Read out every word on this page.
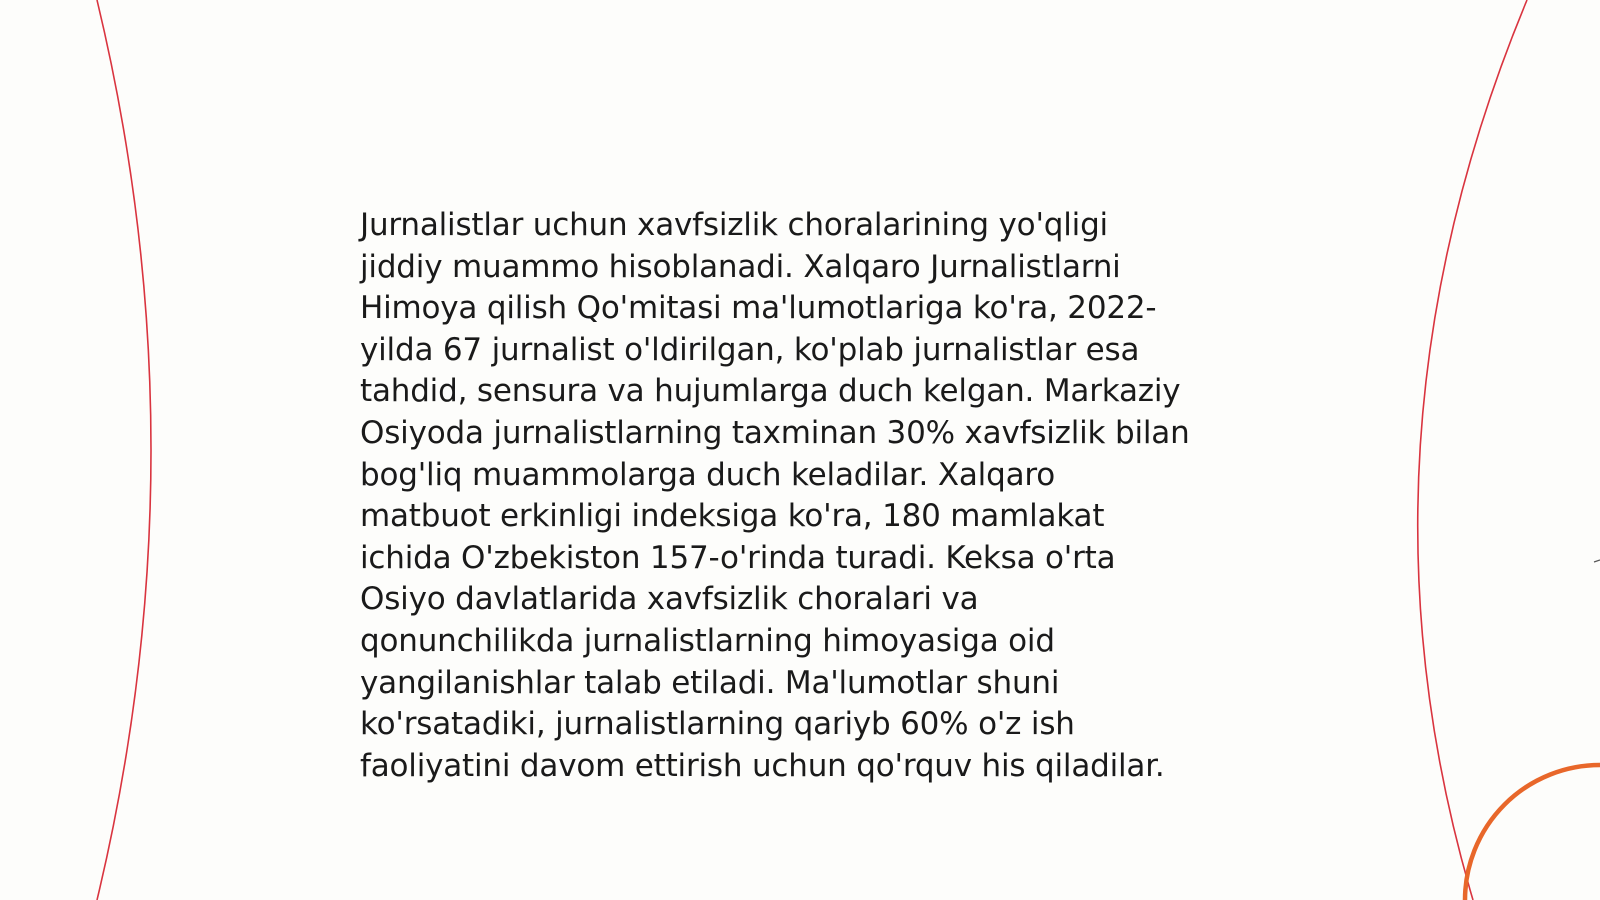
Jurnalistlar uchun xavfsizlik choralarining yo'qligi
jiddiy muammo hisoblanadi. Xalqaro Jurnalistlarni
Himoya qilish Qo'mitasi ma'lumotlariga ko'ra, 2022-
yilda 67 jurnalist o'ldirilgan, ko'plab jurnalistlar esa
tahdid, sensura va hujumlarga duch kelgan. Markaziy
Osiyoda jurnalistlarning taxminan 30% xavfsizlik bilan
bog'liq muammolarga duch keladilar. Xalqaro
matbuot erkinligi indeksiga ko'ra, 180 mamlakat
ichida O'zbekiston 157-o'rinda turadi. Keksa o'rta
Osiyo davlatlarida xavfsizlik choralari va
qonunchilikda jurnalistlarning himoyasiga oid
yangilanishlar talab etiladi. Ma'lumotlar shuni
ko'rsatadiki, jurnalistlarning qariyb 60% o'z ish
faoliyatini davom ettirish uchun qo'rquv his qiladilar.
